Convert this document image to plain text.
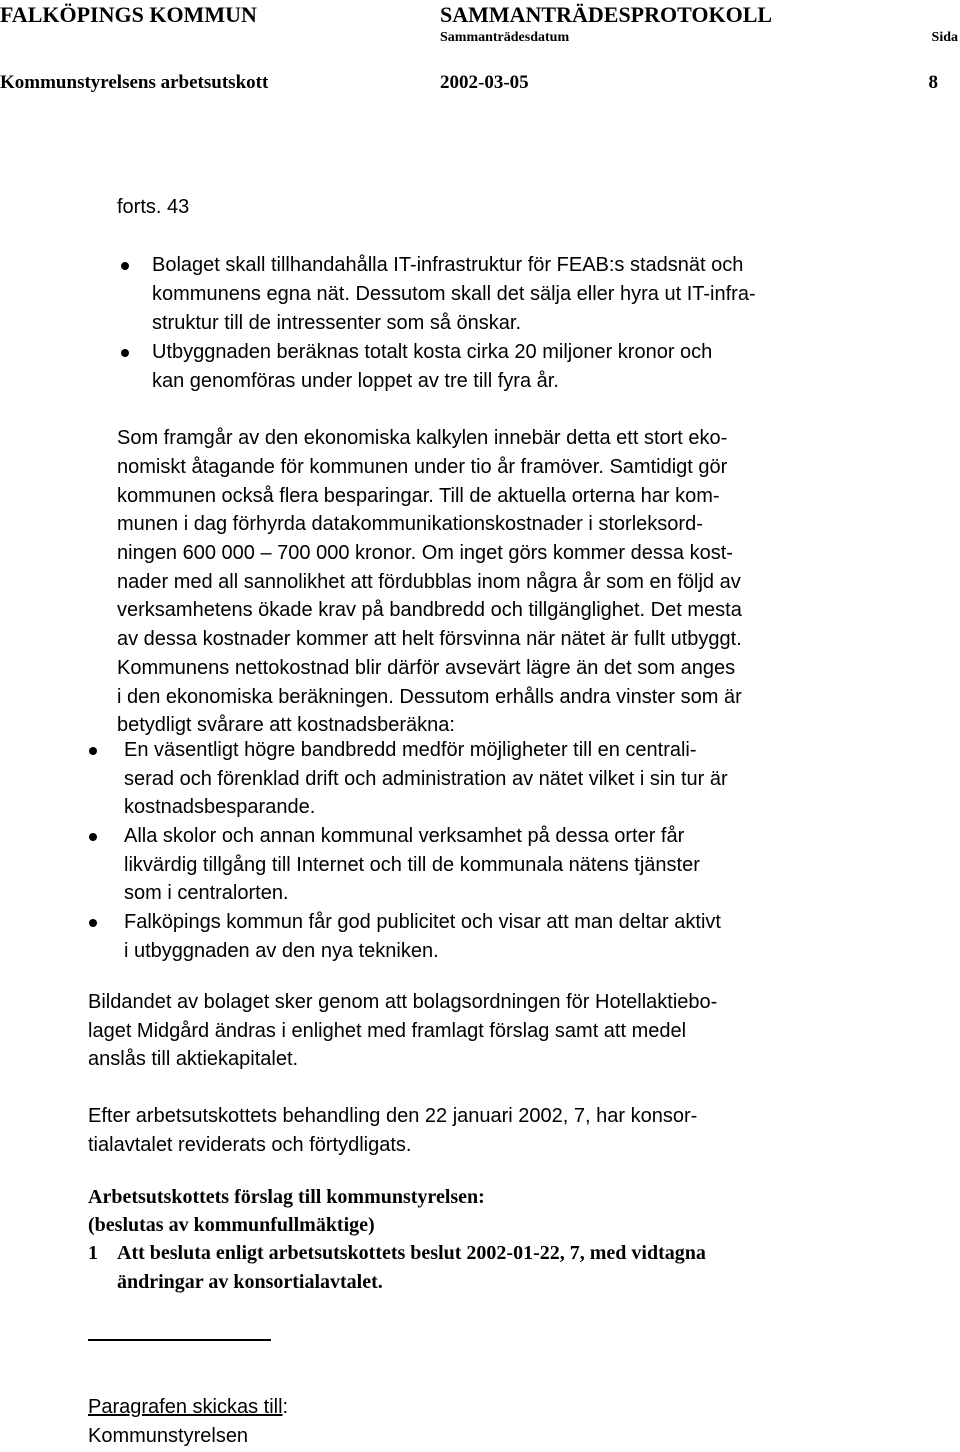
FALKÖPINGS KOMMUN	SAMMANTRÄDESPROTOKOLL
Sammanträdesdatum	Sida
Kommunstyrelsens arbetsutskott	2002-03-05	8
forts. 43
Bolaget skall tillhandahålla IT-infrastruktur för FEAB:s stadsnät och
kommunens egna nät. Dessutom skall det sälja eller hyra ut IT-infra-
struktur till de intressenter som så önskar.
Utbyggnaden beräknas totalt kosta cirka 20 miljoner kronor och
kan genomföras under loppet av tre till fyra år.
Som framgår av den ekonomiska kalkylen innebär detta ett stort eko-
nomiskt åtagande för kommunen under tio år framöver. Samtidigt gör
kommunen också flera besparingar. Till de aktuella orterna har kom-
munen i dag förhyrda datakommunikationskostnader i storleksord-
ningen 600 000 – 700 000 kronor. Om inget görs kommer dessa kost-
nader med all sannolikhet att fördubblas inom några år som en följd av
verksamhetens ökade krav på bandbredd och tillgänglighet. Det mesta
av dessa kostnader kommer att helt försvinna när nätet är fullt utbyggt.
Kommunens nettokostnad blir därför avsevärt lägre än det som anges
i den ekonomiska beräkningen. Dessutom erhålls andra vinster som är
betydligt svårare att kostnadsberäkna:
En väsentligt högre bandbredd medför möjligheter till en centrali-
serad och förenklad drift och administration av nätet vilket i sin tur är
kostnadsbesparande.
Alla skolor och annan kommunal verksamhet på dessa orter får
likvärdig tillgång till Internet och till de kommunala nätens tjänster
som i centralorten.
Falköpings kommun får god publicitet och visar att man deltar aktivt
i utbyggnaden av den nya tekniken.
Bildandet av bolaget sker genom att bolagsordningen för Hotellaktiebo-
laget Midgård ändras i enlighet med framlagt förslag samt att medel
anslås till aktiekapitalet.
Efter arbetsutskottets behandling den 22 januari 2002, 7, har konsor-
tialavtalet reviderats och förtydligats.
Arbetsutskottets förslag till kommunstyrelsen:
(beslutas av kommunfullmäktige)
1 Att besluta enligt arbetsutskottets beslut 2002-01-22, 7, med vidtagna
ändringar av konsortialavtalet.
Paragrafen skickas till:
Kommunstyrelsen
